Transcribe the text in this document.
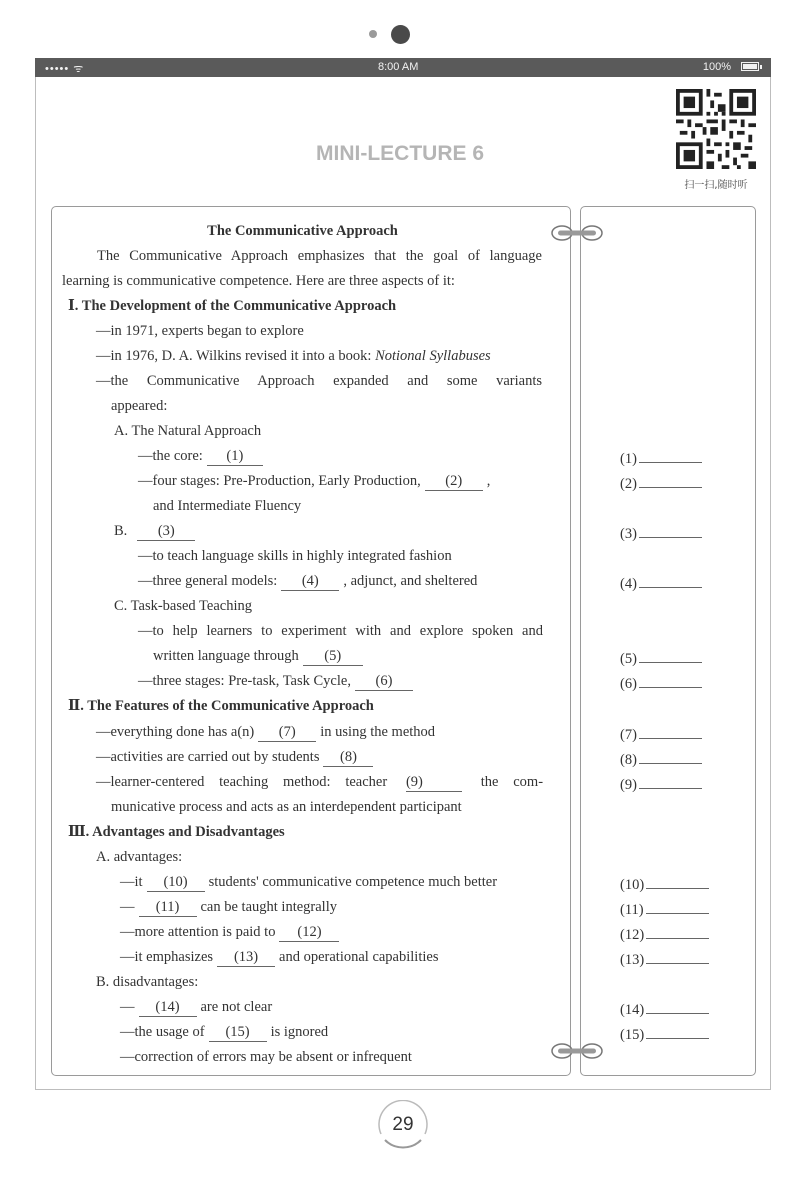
••••• ᯤ	8:00 AM	100%
MINI-LECTURE 6
扫一扫,随时听
The Communicative Approach
The Communicative Approach emphasizes that the goal of language
learning is communicative competence. Here are three aspects of it:
Ⅰ. The Development of the Communicative Approach
—in 1971, experts began to explore
—in 1976, D. A. Wilkins revised it into a book: Notional Syllabuses
—the Communicative Approach expanded and some variants
appeared:
A. The Natural Approach
—the core: (1)
—four stages: Pre-Production, Early Production, (2) ,
and Intermediate Fluency
B. (3)
—to teach language skills in highly integrated fashion
—three general models: (4) , adjunct, and sheltered
C. Task-based Teaching
—to help learners to experiment with and explore spoken and
written language through (5)
—three stages: Pre-task, Task Cycle, (6)
Ⅱ. The Features of the Communicative Approach
—everything done has a(n) (7) in using the method
—activities are carried out by students (8)
—learner-centered teaching method: teacher (9)	the com-
municative process and acts as an interdependent participant
Ⅲ. Advantages and Disadvantages
A. advantages:
—it (10) students' communicative competence much better
— (11) can be taught integrally
—more attention is paid to (12)
—it emphasizes (13) and operational capabilities
B. disadvantages:
— (14) are not clear
—the usage of (15) is ignored
—correction of errors may be absent or infrequent
(1)
(2)
(3)
(4)
(5)
(6)
(7)
(8)
(9)
(10)
(11)
(12)
(13)
(14)
(15)
29
